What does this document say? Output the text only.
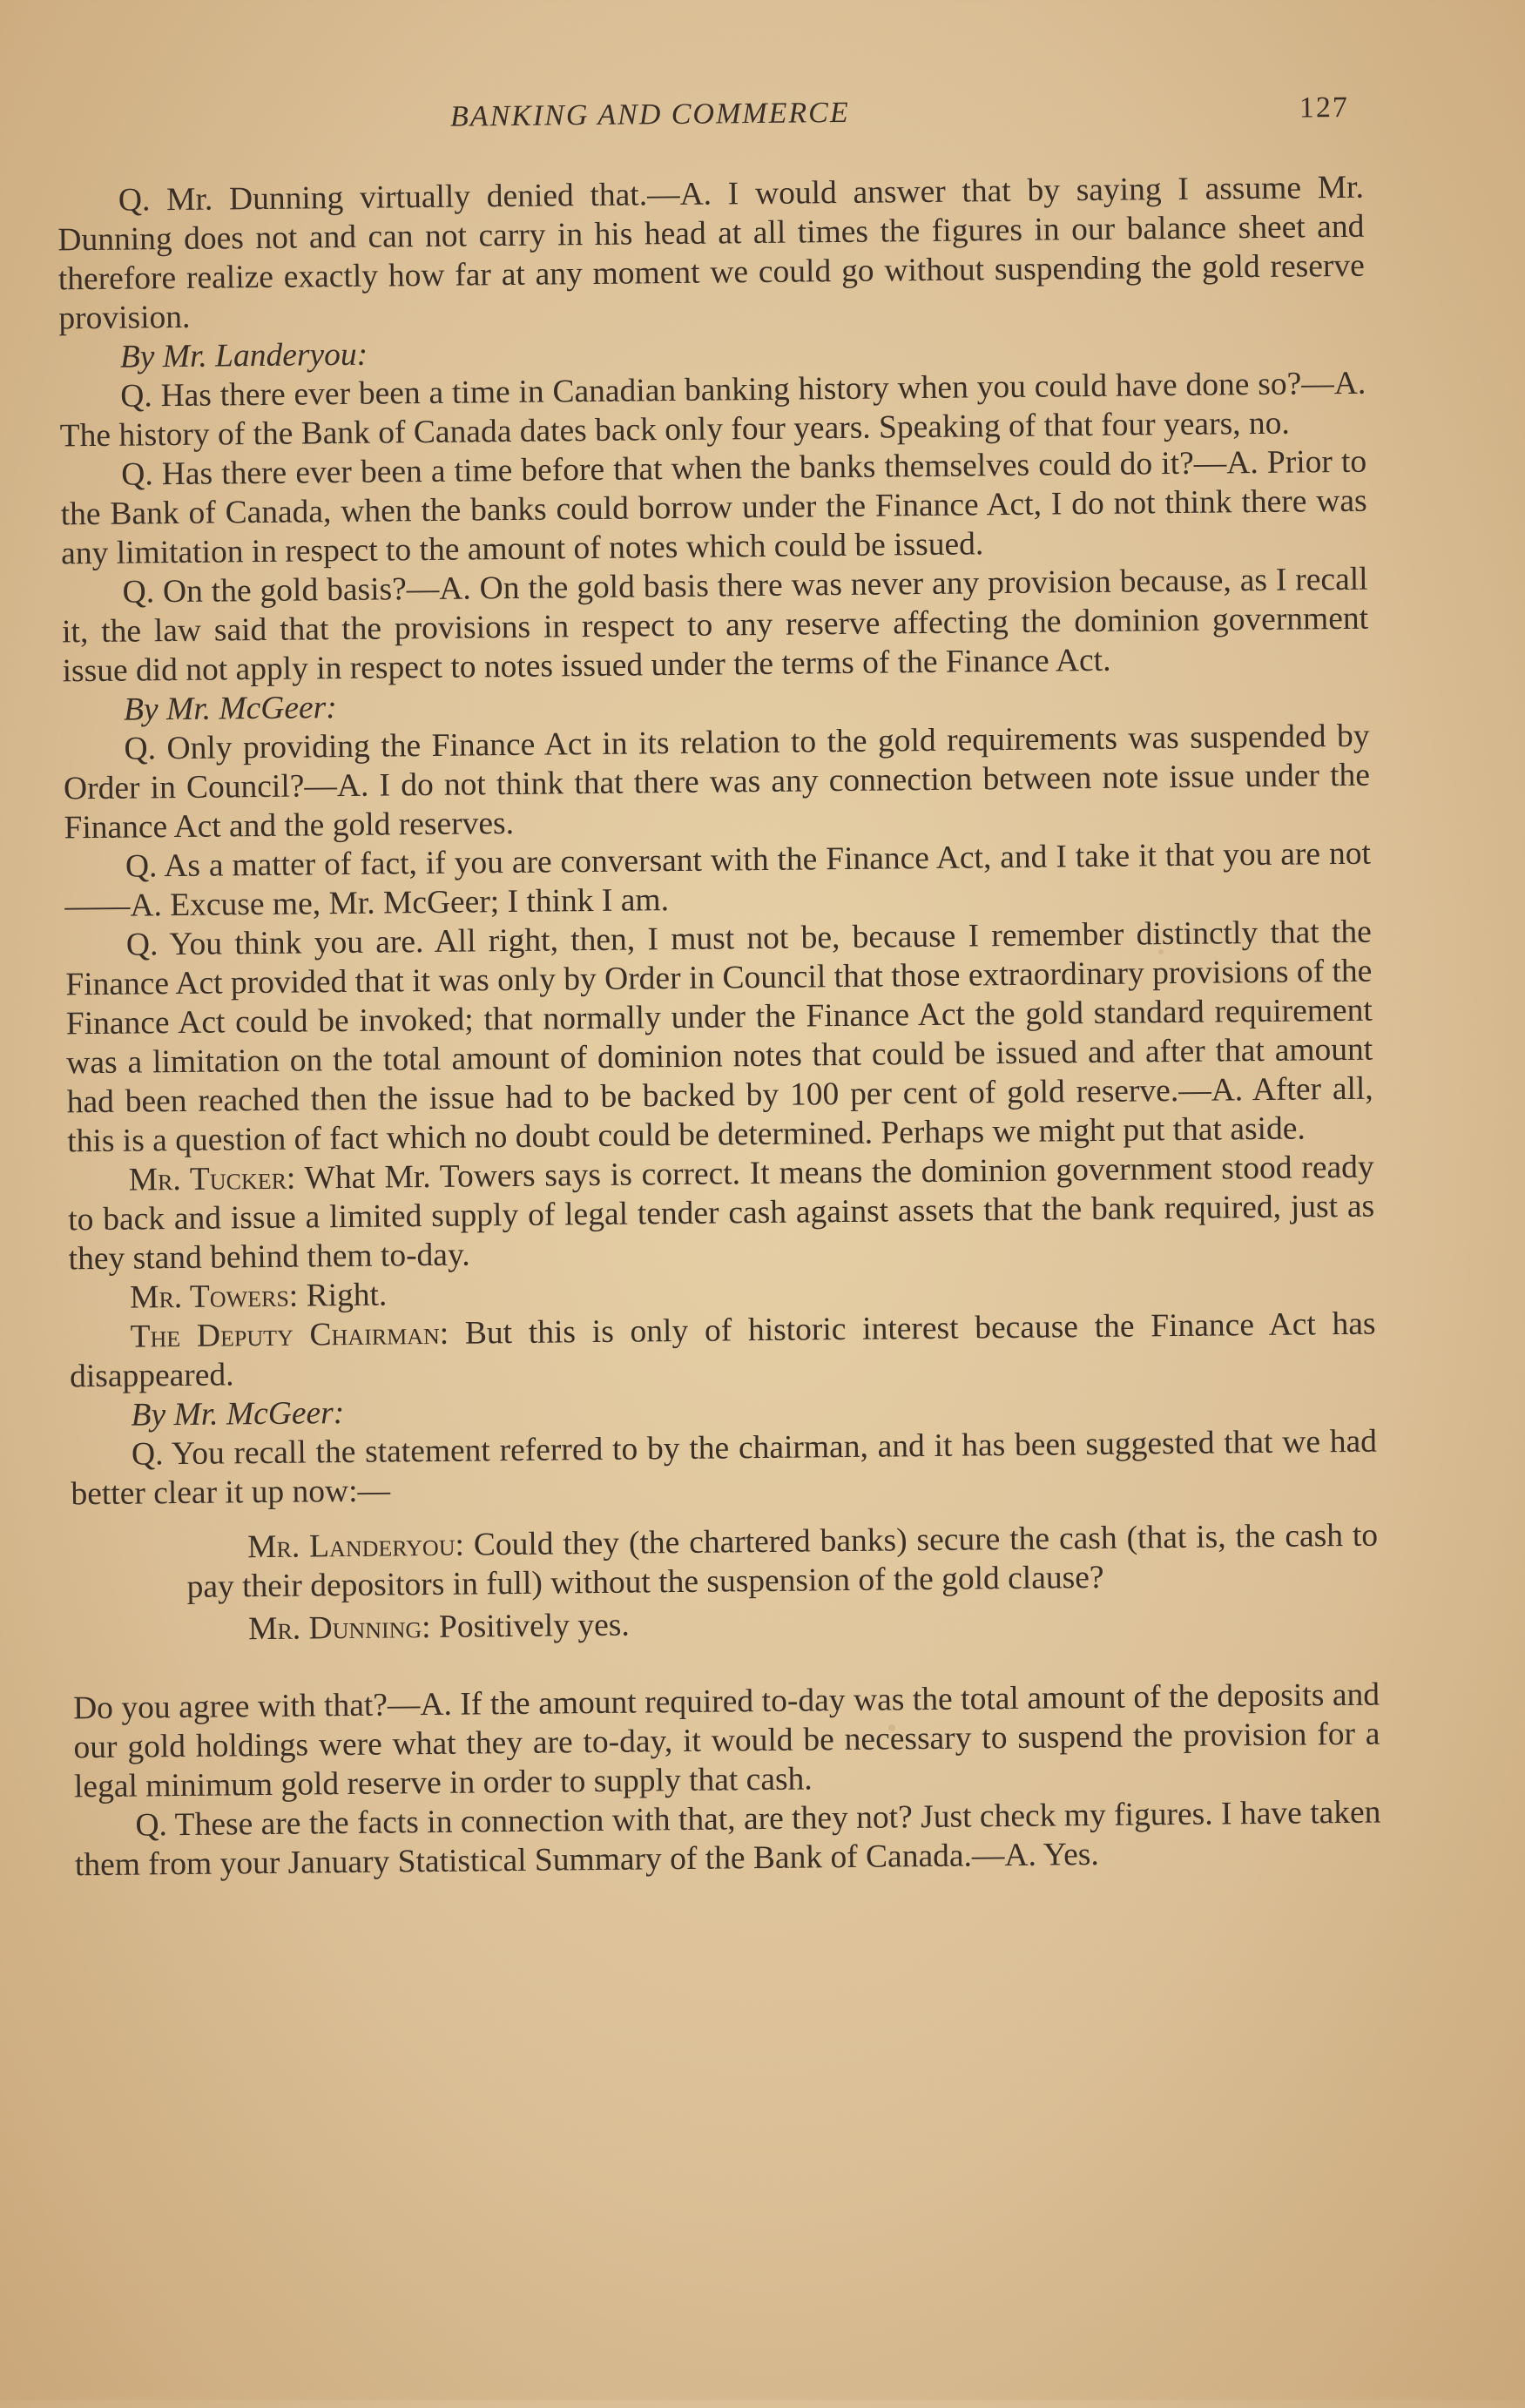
BANKING AND COMMERCE	127

Q. Mr. Dunning virtually denied that.—A. I would answer that by saying I assume Mr. Dunning does not and can not carry in his head at all times the figures in our balance sheet and therefore realize exactly how far at any moment we could go without suspending the gold reserve provision.

By Mr. Landeryou:

Q. Has there ever been a time in Canadian banking history when you could have done so?—A. The history of the Bank of Canada dates back only four years. Speaking of that four years, no.

Q. Has there ever been a time before that when the banks themselves could do it?—A. Prior to the Bank of Canada, when the banks could borrow under the Finance Act, I do not think there was any limitation in respect to the amount of notes which could be issued.

Q. On the gold basis?—A. On the gold basis there was never any provision because, as I recall it, the law said that the provisions in respect to any reserve affecting the dominion government issue did not apply in respect to notes issued under the terms of the Finance Act.

By Mr. McGeer:

Q. Only providing the Finance Act in its relation to the gold requirements was suspended by Order in Council?—A. I do not think that there was any connection between note issue under the Finance Act and the gold reserves.

Q. As a matter of fact, if you are conversant with the Finance Act, and I take it that you are not——A. Excuse me, Mr. McGeer; I think I am.

Q. You think you are. All right, then, I must not be, because I remember distinctly that the Finance Act provided that it was only by Order in Council that those extraordinary provisions of the Finance Act could be invoked; that normally under the Finance Act the gold standard requirement was a limitation on the total amount of dominion notes that could be issued and after that amount had been reached then the issue had to be backed by 100 per cent of gold reserve.—A. After all, this is a question of fact which no doubt could be determined. Perhaps we might put that aside.

Mr. Tucker: What Mr. Towers says is correct. It means the dominion government stood ready to back and issue a limited supply of legal tender cash against assets that the bank required, just as they stand behind them to-day.

Mr. Towers: Right.

The Deputy Chairman: But this is only of historic interest because the Finance Act has disappeared.

By Mr. McGeer:

Q. You recall the statement referred to by the chairman, and it has been suggested that we had better clear it up now:—

Mr. Landeryou: Could they (the chartered banks) secure the cash (that is, the cash to pay their depositors in full) without the suspension of the gold clause?

Mr. Dunning: Positively yes.

Do you agree with that?—A. If the amount required to-day was the total amount of the deposits and our gold holdings were what they are to-day, it would be necessary to suspend the provision for a legal minimum gold reserve in order to supply that cash.

Q. These are the facts in connection with that, are they not? Just check my figures. I have taken them from your January Statistical Summary of the Bank of Canada.—A. Yes.
